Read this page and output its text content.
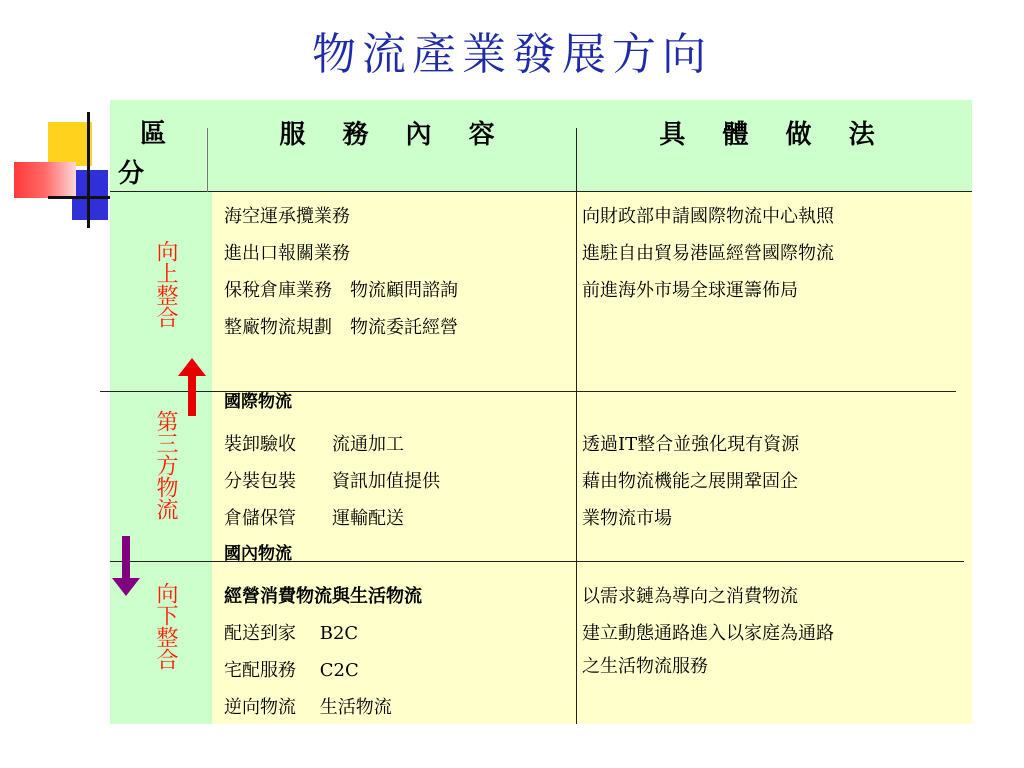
物流產業發展方向
區
分
服 務 內 容	具 體 做 法
向上整合
第三方物流
向下整合
海空運承攬業務
進出口報關業務
保稅倉庫業務　物流顧問諮詢
整廠物流規劃　物流委託經營
國際物流
向財政部申請國際物流中心執照
進駐自由貿易港區經營國際物流
前進海外市場全球運籌佈局
裝卸驗收　　流通加工
分裝包裝　　資訊加值提供
倉儲保管　　運輸配送
國內物流
透過IT整合並強化現有資源
藉由物流機能之展開鞏固企
業物流市場
經營消費物流與生活物流
配送到家　 B2C
宅配服務　 C2C
逆向物流　 生活物流
以需求鏈為導向之消費物流
建立動態通路進入以家庭為通路
之生活物流服務
